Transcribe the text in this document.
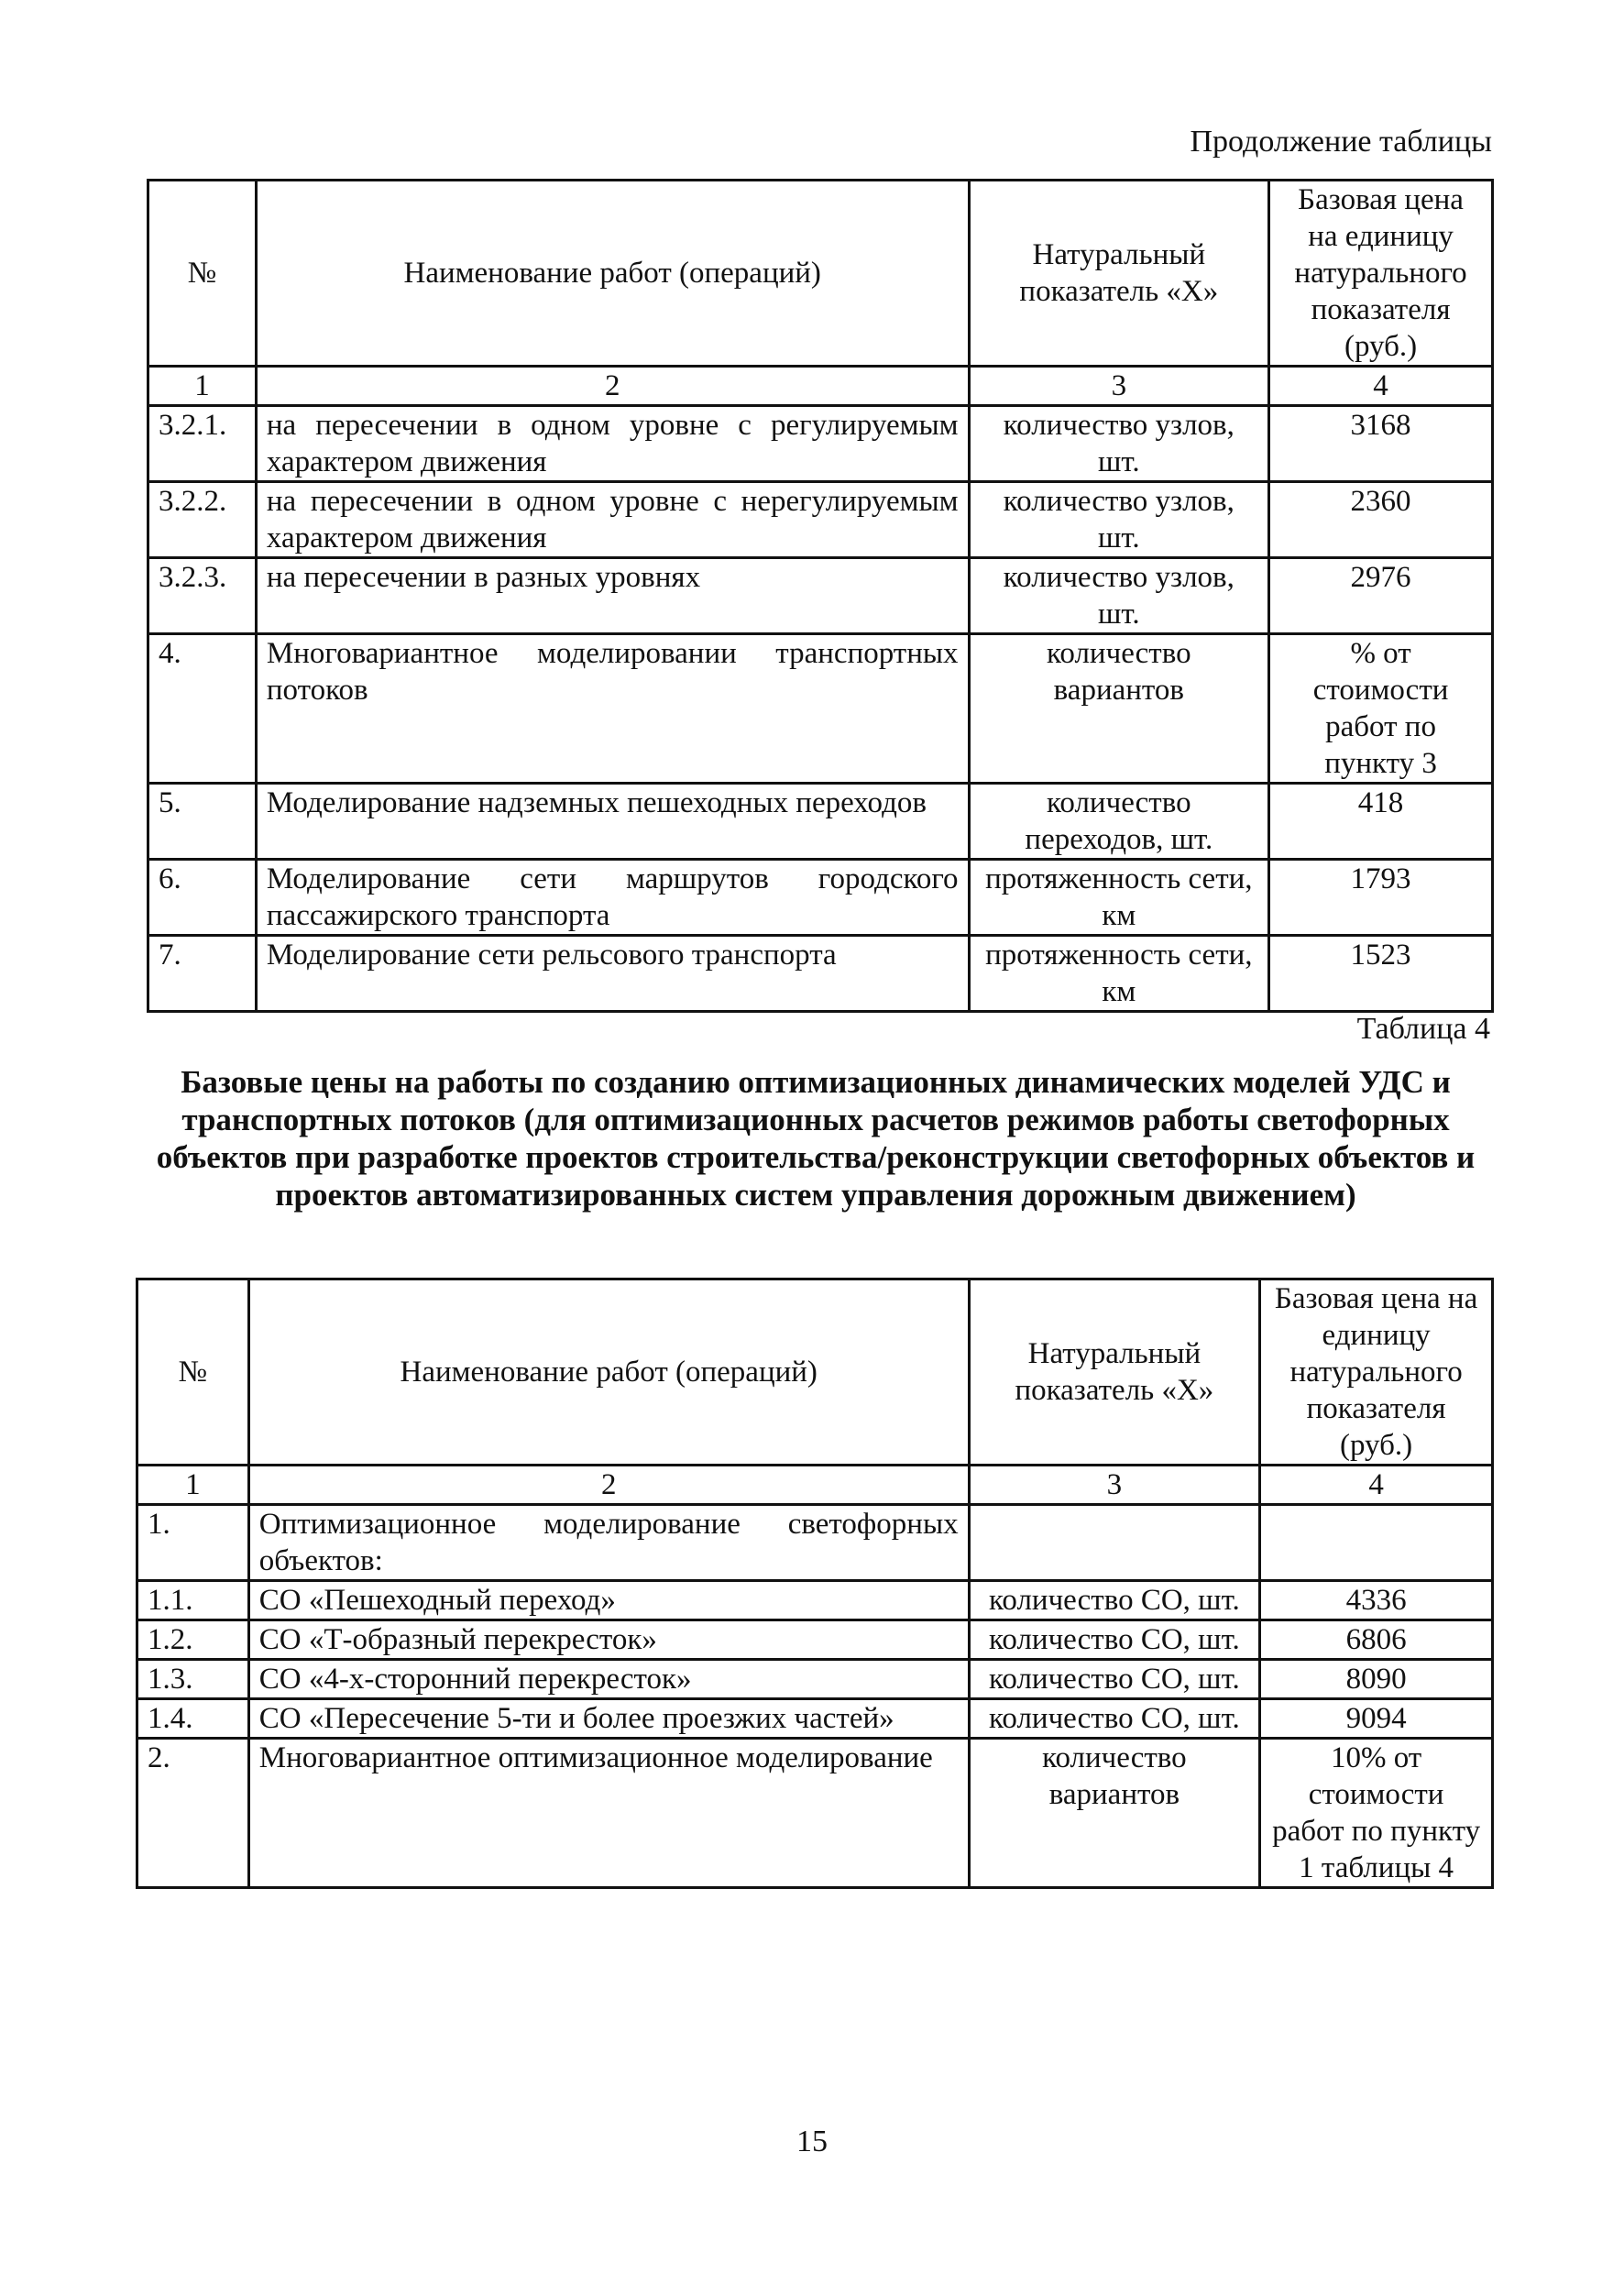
Продолжение таблицы
№	Наименование работ (операций)	Натуральный показатель «Х»	Базовая цена на единицу натурального показателя (руб.)
1	2	3	4
3.2.1.	на пересечении в одном уровне с регулируемым характером движения	количество узлов, шт.	3168
3.2.2.	на пересечении в одном уровне с нерегулируемым характером движения	количество узлов, шт.	2360
3.2.3.	на пересечении в разных уровнях	количество узлов, шт.	2976
4.	Многовариантное моделировании транспортных потоков	количество вариантов	% от стоимости работ по пункту 3
5.	Моделирование надземных пешеходных переходов	количество переходов, шт.	418
6.	Моделирование сети маршрутов городского пассажирского транспорта	протяженность сети, км	1793
7.	Моделирование сети рельсового транспорта	протяженность сети, км	1523
Таблица 4
Базовые цены на работы по созданию оптимизационных динамических моделей УДС и транспортных потоков (для оптимизационных расчетов режимов работы светофорных объектов при разработке проектов строительства/реконструкции светофорных объектов и проектов автоматизированных систем управления дорожным движением)
№	Наименование работ (операций)	Натуральный показатель «Х»	Базовая цена на единицу натурального показателя (руб.)
1	2	3	4
1.	Оптимизационное моделирование светофорных объектов:		
1.1.	СО «Пешеходный переход»	количество СО, шт.	4336
1.2.	СО «Т-образный перекресток»	количество СО, шт.	6806
1.3.	СО «4-х-сторонний перекресток»	количество СО, шт.	8090
1.4.	СО «Пересечение 5-ти и более проезжих частей»	количество СО, шт.	9094
2.	Многовариантное оптимизационное моделирование	количество вариантов	10% от стоимости работ по пункту 1 таблицы 4
15
